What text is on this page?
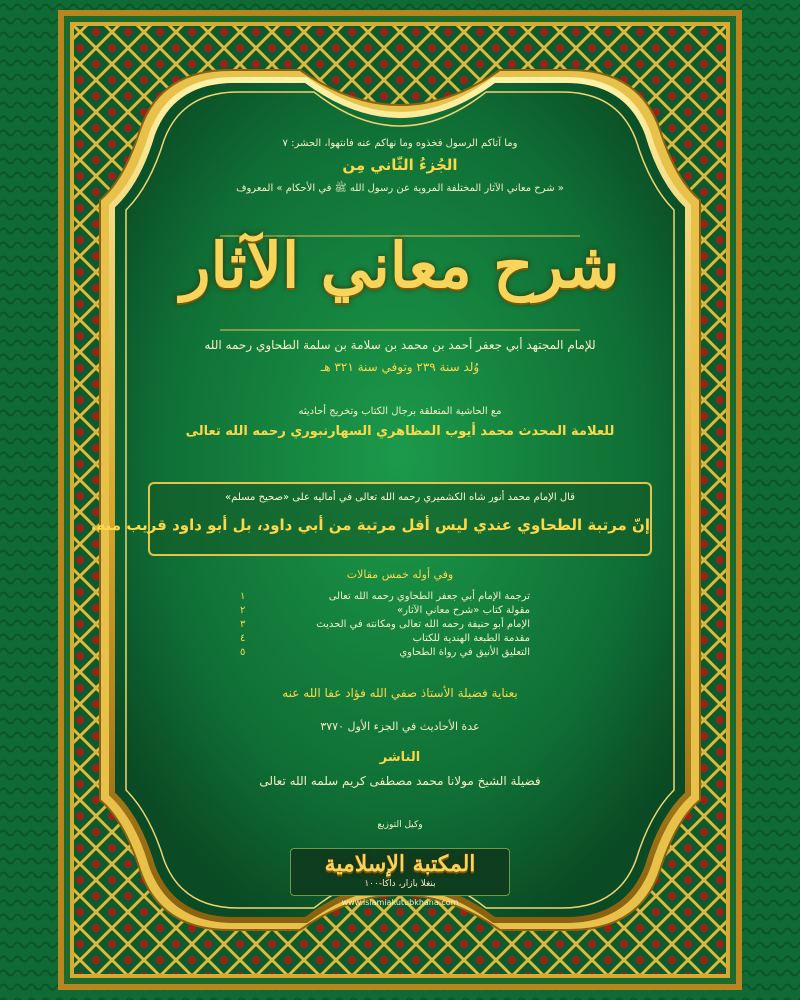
وما آتاكم الرسول فخذوه وما نهاكم عنه فانتهوا، الحشر: ٧
الجُزءُ الثّاني مِن
« شرح معاني الآثار المختلفة المروية عن رسول الله ﷺ في الأحكام » المعروف
شرح معاني الآثار
للإمام المجتهد أبي جعفر أحمد بن محمد بن سلامة بن سلمة الطحاوي رحمه الله
وُلد سنة ٢٣٩ وتوفي سنة ٣٢١ هـ
مع الحاشية المتعلقة برجال الكتاب وتخريج أحاديثه
للعلامة المحدث محمد أيوب المظاهري السهارنبوري رحمه الله تعالى
قال الإمام محمد أنور شاه الكشميري رحمه الله تعالى في أماليه على «صحيح مسلم»
إنّ مرتبة الطحاوي عندي ليس أقل مرتبة من أبي داود، بل أبو داود قريب منه.
وفي أوله خمس مقالات
ترجمة الإمام أبي جعفر الطحاوي رحمه الله تعالى
١
مقولة كتاب «شرح معاني الآثار»
٢
الإمام أبو حنيفة رحمه الله تعالى ومكانته في الحديث
٣
مقدمة الطبعة الهندية للكتاب
٤
التعليق الأنيق في رواة الطحاوي
٥
بعناية فضيلة الأستاذ صفي الله فؤاد عفا الله عنه
عدة الأحاديث في الجزء الأول ٣٧٧٠
الناشر
فضيلة الشيخ مولانا محمد مصطفى كريم سلمه الله تعالى
وكيل التوزيع
المكتبة الإسلامية
بنغلا بازار، داكا-١٠٠
www.islamiakutubkhana.com
